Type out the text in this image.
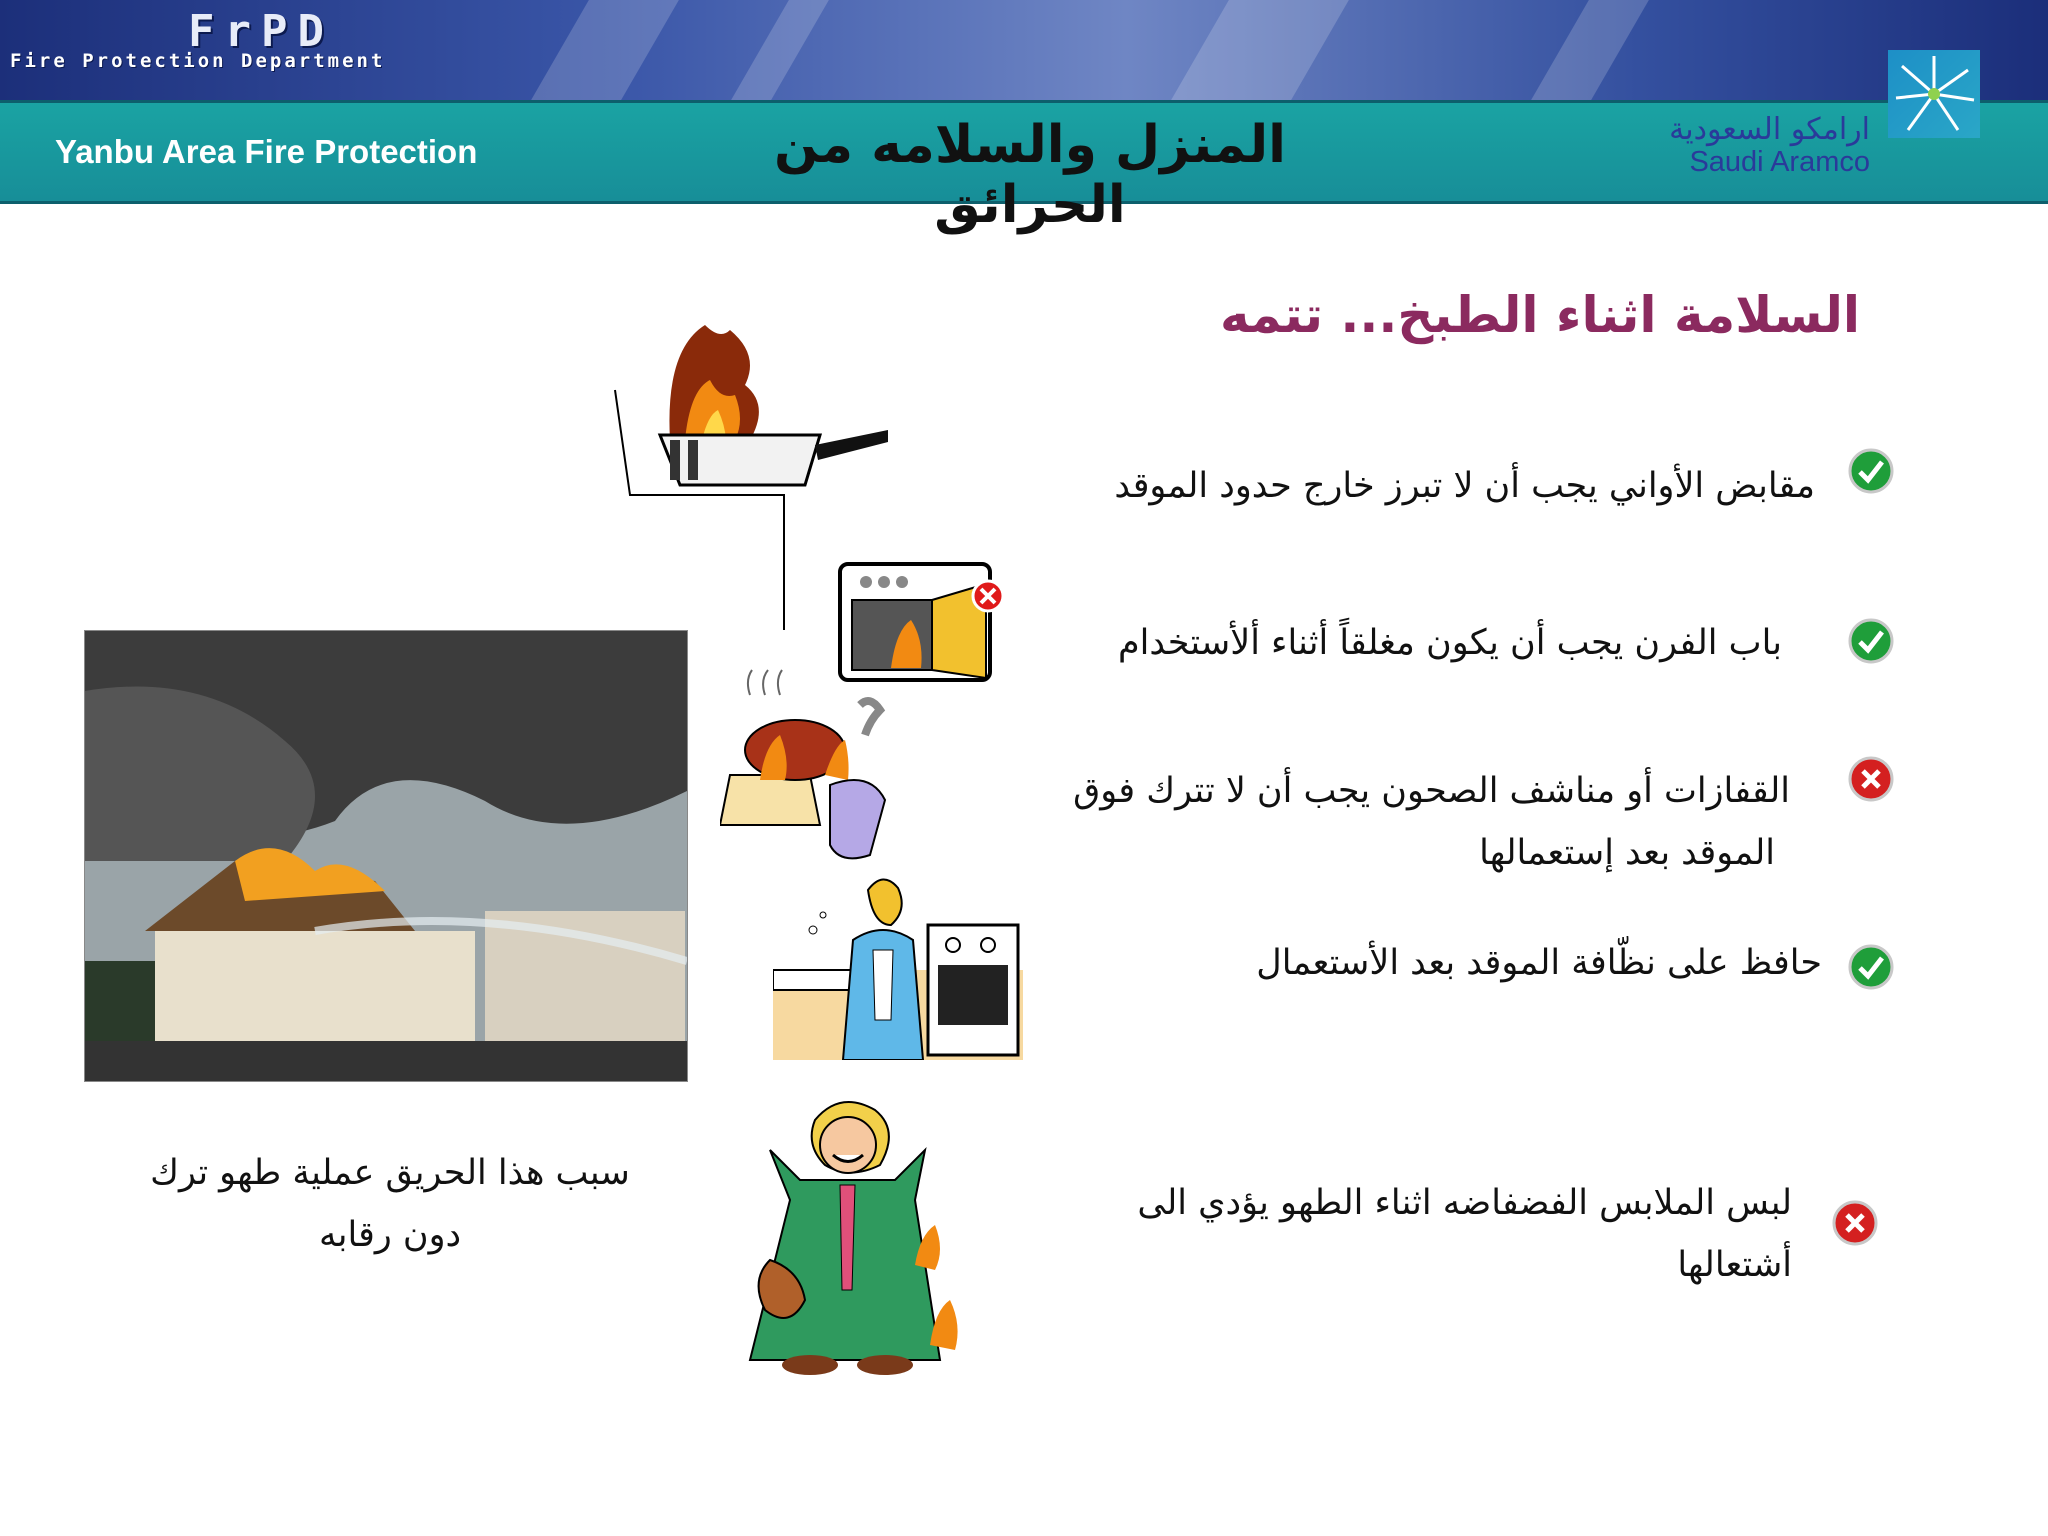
FrPD
Fire Protection Department
Yanbu Area Fire Protection	المنزل والسلامه من الحرائق
ارامكو السعودية
Saudi Aramco
السلامة اثناء الطبخ... تتمه
مقابض الأواني يجب أن لا تبرز خارج حدود الموقد
باب الفرن يجب أن يكون مغلقاً أثناء ألأستخدام
القفازات أو مناشف الصحون يجب أن لا تترك فوق
الموقد بعد إستعمالها
حافظ على نظّافة الموقد بعد الأستعمال
لبس الملابس الفضفاضه اثناء الطهو يؤدي الى
أشتعالها
سبب هذا الحريق عملية طهو ترك
دون رقابه
